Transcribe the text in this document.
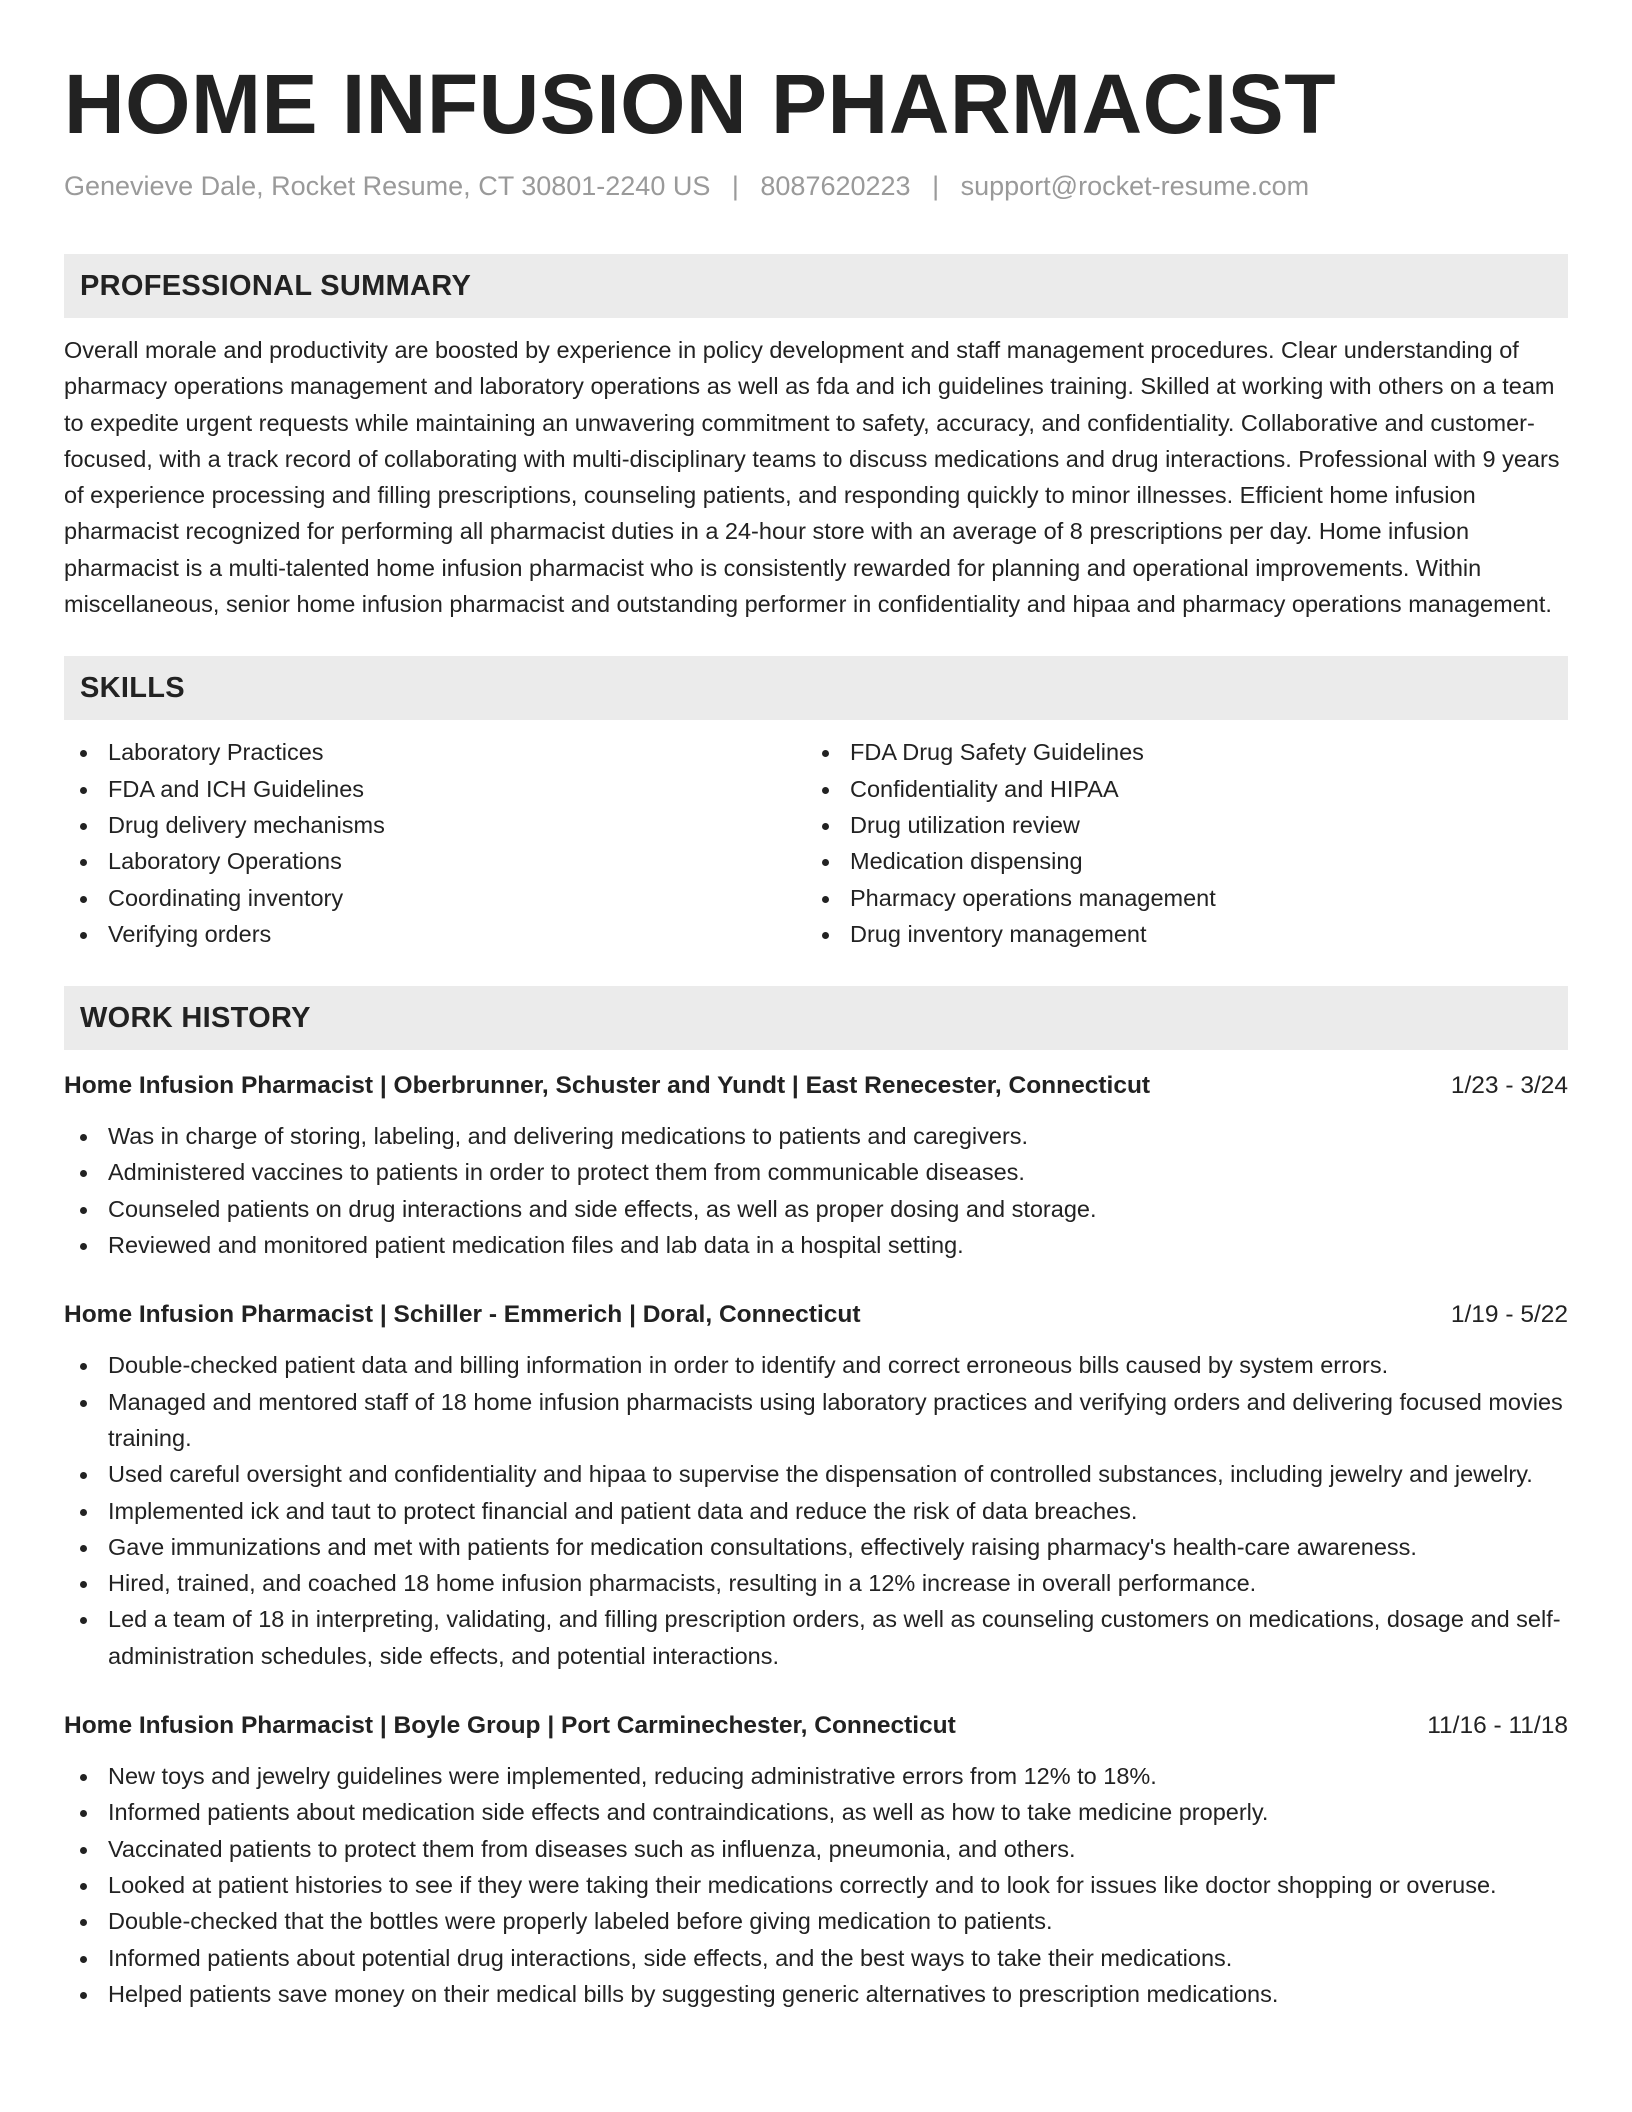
HOME INFUSION PHARMACIST
Genevieve Dale, Rocket Resume, CT 30801-2240 US | 8087620223 | support@rocket-resume.com
PROFESSIONAL SUMMARY

Overall morale and productivity are boosted by experience in policy development and staff management procedures. Clear understanding of pharmacy operations management and laboratory operations as well as fda and ich guidelines training. Skilled at working with others on a team to expedite urgent requests while maintaining an unwavering commitment to safety, accuracy, and confidentiality. Collaborative and customer-focused, with a track record of collaborating with multi-disciplinary teams to discuss medications and drug interactions. Professional with 9 years of experience processing and filling prescriptions, counseling patients, and responding quickly to minor illnesses. Efficient home infusion pharmacist recognized for performing all pharmacist duties in a 24-hour store with an average of 8 prescriptions per day. Home infusion pharmacist is a multi-talented home infusion pharmacist who is consistently rewarded for planning and operational improvements. Within miscellaneous, senior home infusion pharmacist and outstanding performer in confidentiality and hipaa and pharmacy operations management.

SKILLS
Laboratory Practices
FDA and ICH Guidelines
Drug delivery mechanisms
Laboratory Operations
Coordinating inventory
Verifying orders
FDA Drug Safety Guidelines
Confidentiality and HIPAA
Drug utilization review
Medication dispensing
Pharmacy operations management
Drug inventory management
WORK HISTORY
Home Infusion Pharmacist | Oberbrunner, Schuster and Yundt | East Renecester, Connecticut	1/23 - 3/24
Was in charge of storing, labeling, and delivering medications to patients and caregivers.
Administered vaccines to patients in order to protect them from communicable diseases.
Counseled patients on drug interactions and side effects, as well as proper dosing and storage.
Reviewed and monitored patient medication files and lab data in a hospital setting.
Home Infusion Pharmacist | Schiller - Emmerich | Doral, Connecticut	1/19 - 5/22
Double-checked patient data and billing information in order to identify and correct erroneous bills caused by system errors.
Managed and mentored staff of 18 home infusion pharmacists using laboratory practices and verifying orders and delivering focused movies training.
Used careful oversight and confidentiality and hipaa to supervise the dispensation of controlled substances, including jewelry and jewelry.
Implemented ick and taut to protect financial and patient data and reduce the risk of data breaches.
Gave immunizations and met with patients for medication consultations, effectively raising pharmacy's health-care awareness.
Hired, trained, and coached 18 home infusion pharmacists, resulting in a 12% increase in overall performance.
Led a team of 18 in interpreting, validating, and filling prescription orders, as well as counseling customers on medications, dosage and self-administration schedules, side effects, and potential interactions.
Home Infusion Pharmacist | Boyle Group | Port Carminechester, Connecticut	11/16 - 11/18
New toys and jewelry guidelines were implemented, reducing administrative errors from 12% to 18%.
Informed patients about medication side effects and contraindications, as well as how to take medicine properly.
Vaccinated patients to protect them from diseases such as influenza, pneumonia, and others.
Looked at patient histories to see if they were taking their medications correctly and to look for issues like doctor shopping or overuse.
Double-checked that the bottles were properly labeled before giving medication to patients.
Informed patients about potential drug interactions, side effects, and the best ways to take their medications.
Helped patients save money on their medical bills by suggesting generic alternatives to prescription medications.
